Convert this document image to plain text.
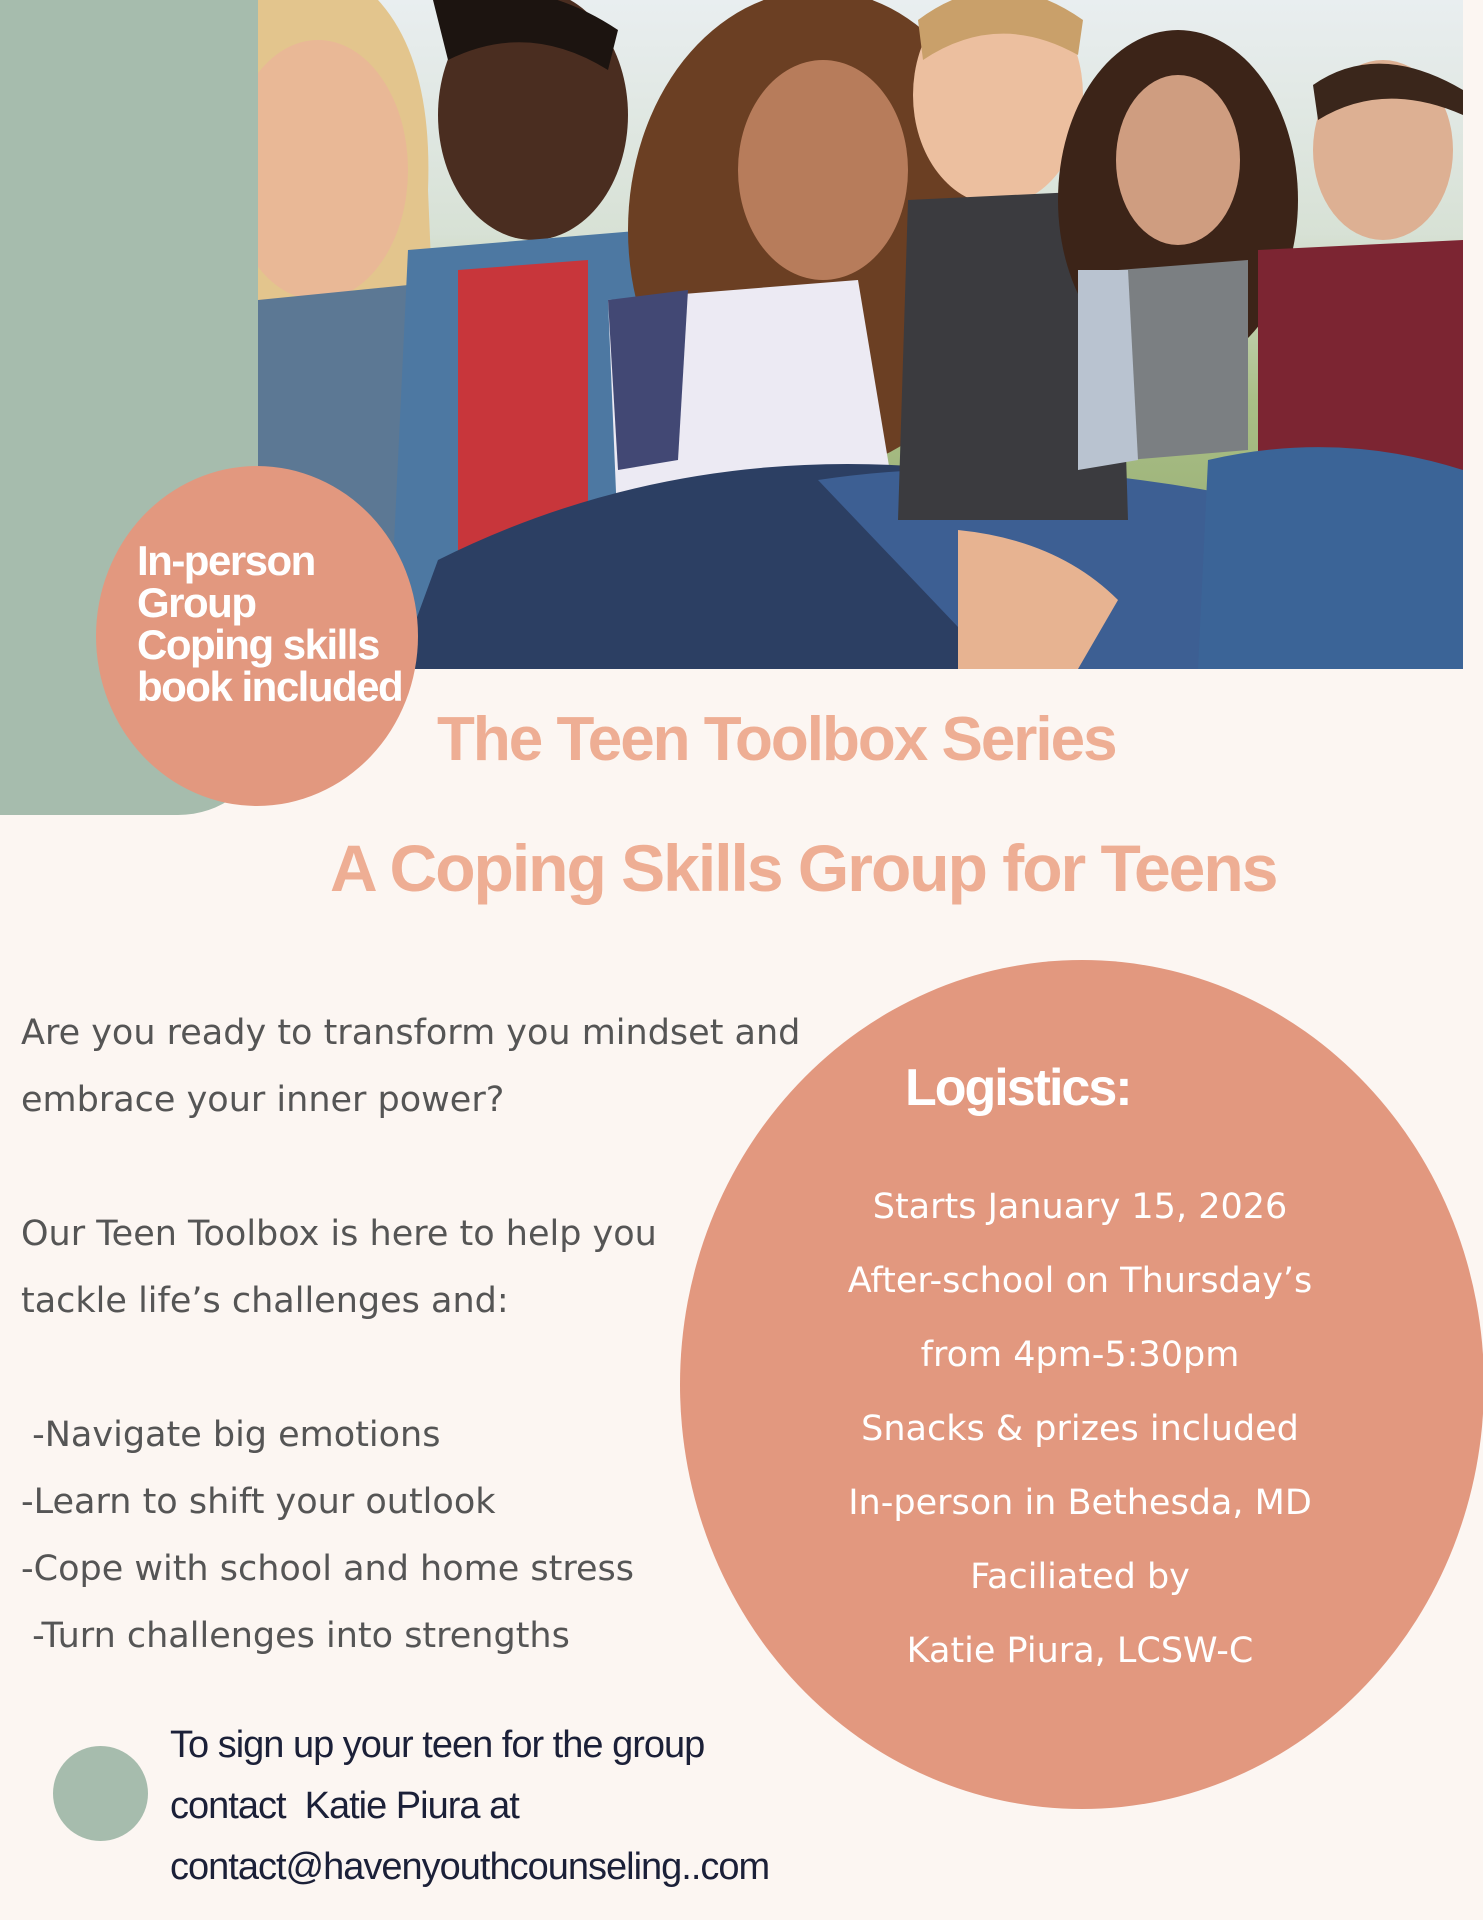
In-person
Group
Coping skills
book included
The Teen Toolbox Series
A Coping Skills Group for Teens

Are you ready to transform you mindset and

embrace your inner power?

Our Teen Toolbox is here to help you

tackle life’s challenges and:

-Navigate big emotions

-Learn to shift your outlook

-Cope with school and home stress

-Turn challenges into strengths

Logistics:
Starts January 15, 2026
After-school on Thursday’s
from 4pm-5:30pm
Snacks & prizes included
In-person in Bethesda, MD
Faciliated by
Katie Piura, LCSW-C
To sign up your teen for the group
contact  Katie Piura at
contact@havenyouthcounseling..com
